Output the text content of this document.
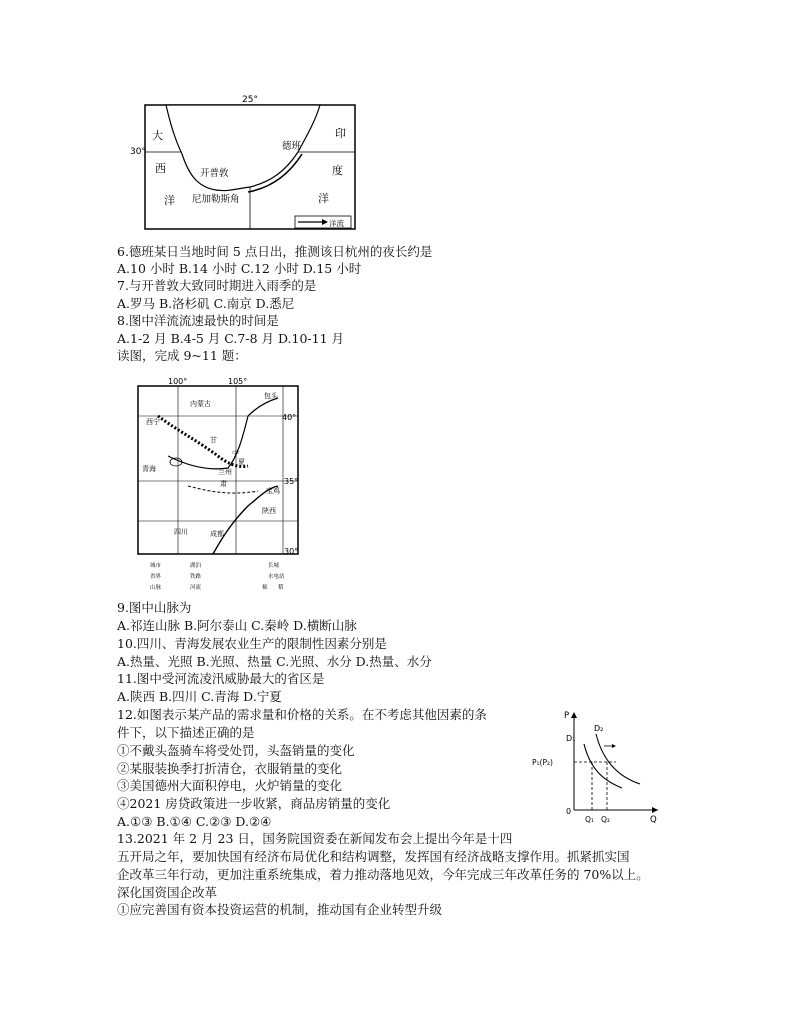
25°
30°
大
西
洋
印
度
洋
开普敦
德班
尼加勒斯角
洋流
6.德班某日当地时间 5 点日出，推测该日杭州的夜长约是
A.10 小时 B.14 小时 C.12 小时 D.15 小时
7.与开普敦大致同时期进入雨季的是
A.罗马 B.洛杉矶 C.南京 D.悉尼
8.图中洋流流速最快的时间是
A.1-2 月 B.4-5 月 C.7-8 月 D.10-11 月
读图，完成 9~11 题：
100°	105°
40°
35°
30°
内蒙古
包头
青海
甘
肃
兰州
宁
夏
宝鸡
陕西
四川	成都
西宁
城市	湖泊	长城
省界	铁路	水电站
山脉	河流	棉 稻
9.图中山脉为
A.祁连山脉 B.阿尔泰山 C.秦岭 D.横断山脉
10.四川、青海发展农业生产的限制性因素分别是
A.热量、光照 B.光照、热量 C.光照、水分 D.热量、水分
11.图中受河流凌汛威胁最大的省区是
A.陕西 B.四川 C.青海 D.宁夏
12.如图表示某产品的需求量和价格的关系。在不考虑其他因素的条
件下，以下描述正确的是
①不戴头盔骑车将受处罚，头盔销量的变化
②某服装换季打折清仓，衣服销量的变化
③美国德州大面积停电，火炉销量的变化
④2021 房贷政策进一步收紧，商品房销量的变化
A.①③ B.①④ C.②③ D.②④
P
Q
0
D₁
D₂
P₁(P₂)
Q₁ Q₂
13.2021 年 2 月 23 日，国务院国资委在新闻发布会上提出今年是十四
五开局之年，要加快国有经济布局优化和结构调整，发挥国有经济战略支撑作用。抓紧抓实国
企改革三年行动，更加注重系统集成，着力推动落地见效，今年完成三年改革任务的 70%以上。
深化国资国企改革
①应完善国有资本投资运营的机制，推动国有企业转型升级
